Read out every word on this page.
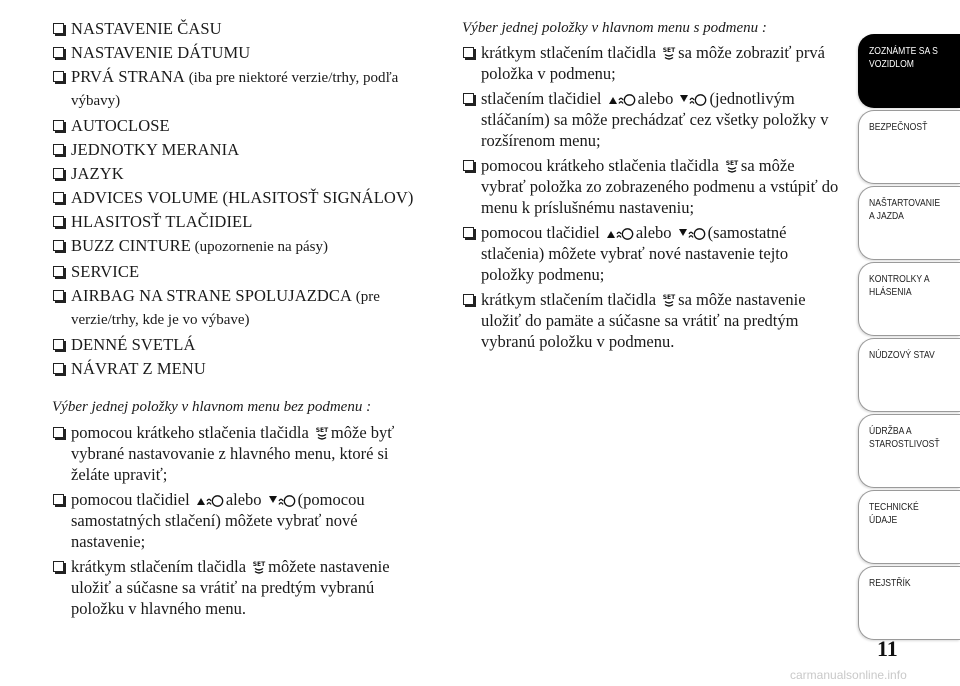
NASTAVENIE ČASU
NASTAVENIE DÁTUMU
PRVÁ STRANA (iba pre niektoré verzie/trhy, podľa výbavy)
AUTOCLOSE
JEDNOTKY MERANIA
JAZYK
ADVICES VOLUME (HLASITOSŤ SIGNÁLOV)
HLASITOSŤ TLAČIDIEL
BUZZ CINTURE (upozornenie na pásy)
SERVICE
AIRBAG NA STRANE SPOLUJAZDCA (pre verzie/trhy, kde je vo výbave)
DENNÉ SVETLÁ
NÁVRAT Z MENU
Výber jednej položky v hlavnom menu bez podmenu :
pomocou krátkeho stlačenia tlačidla SET môže byť vybrané nastavovanie z hlavného menu, ktoré si želáte upraviť;
pomocou tlačidiel alebo (pomocou samostatných stlačení) môžete vybrať nové nastavenie;
krátkym stlačením tlačidla SET môžete nastavenie uložiť a súčasne sa vrátiť na predtým vybranú položku v hlavného menu.
Výber jednej položky v hlavnom menu s podmenu :
krátkym stlačením tlačidla SET sa môže zobraziť prvá položka v podmenu;
stlačením tlačidiel alebo (jednotlivým stláčaním) sa môže prechádzať cez všetky položky v rozšírenom menu;
pomocou krátkeho stlačenia tlačidla SET sa môže vybrať položka zo zobrazeného podmenu a vstúpiť do menu k príslušnému nastaveniu;
pomocou tlačidiel alebo (samostatné stlačenia) môžete vybrať nové nastavenie tejto položky podmenu;
krátkym stlačením tlačidla SET sa môže nastavenie uložiť do pamäte a súčasne sa vrátiť na predtým vybranú položku v podmenu.
ZOZNÁMTE SA S
VOZIDLOM
BEZPEČNOSŤ
NAŠTARTOVANIE
A JAZDA
KONTROLKY A
HLÁSENIA
NÚDZOVÝ STAV
ÚDRŽBA A
STAROSTLIVOSŤ
TECHNICKÉ
ÚDAJE
REJSTŘÍK
11
carmanualsonline.info
